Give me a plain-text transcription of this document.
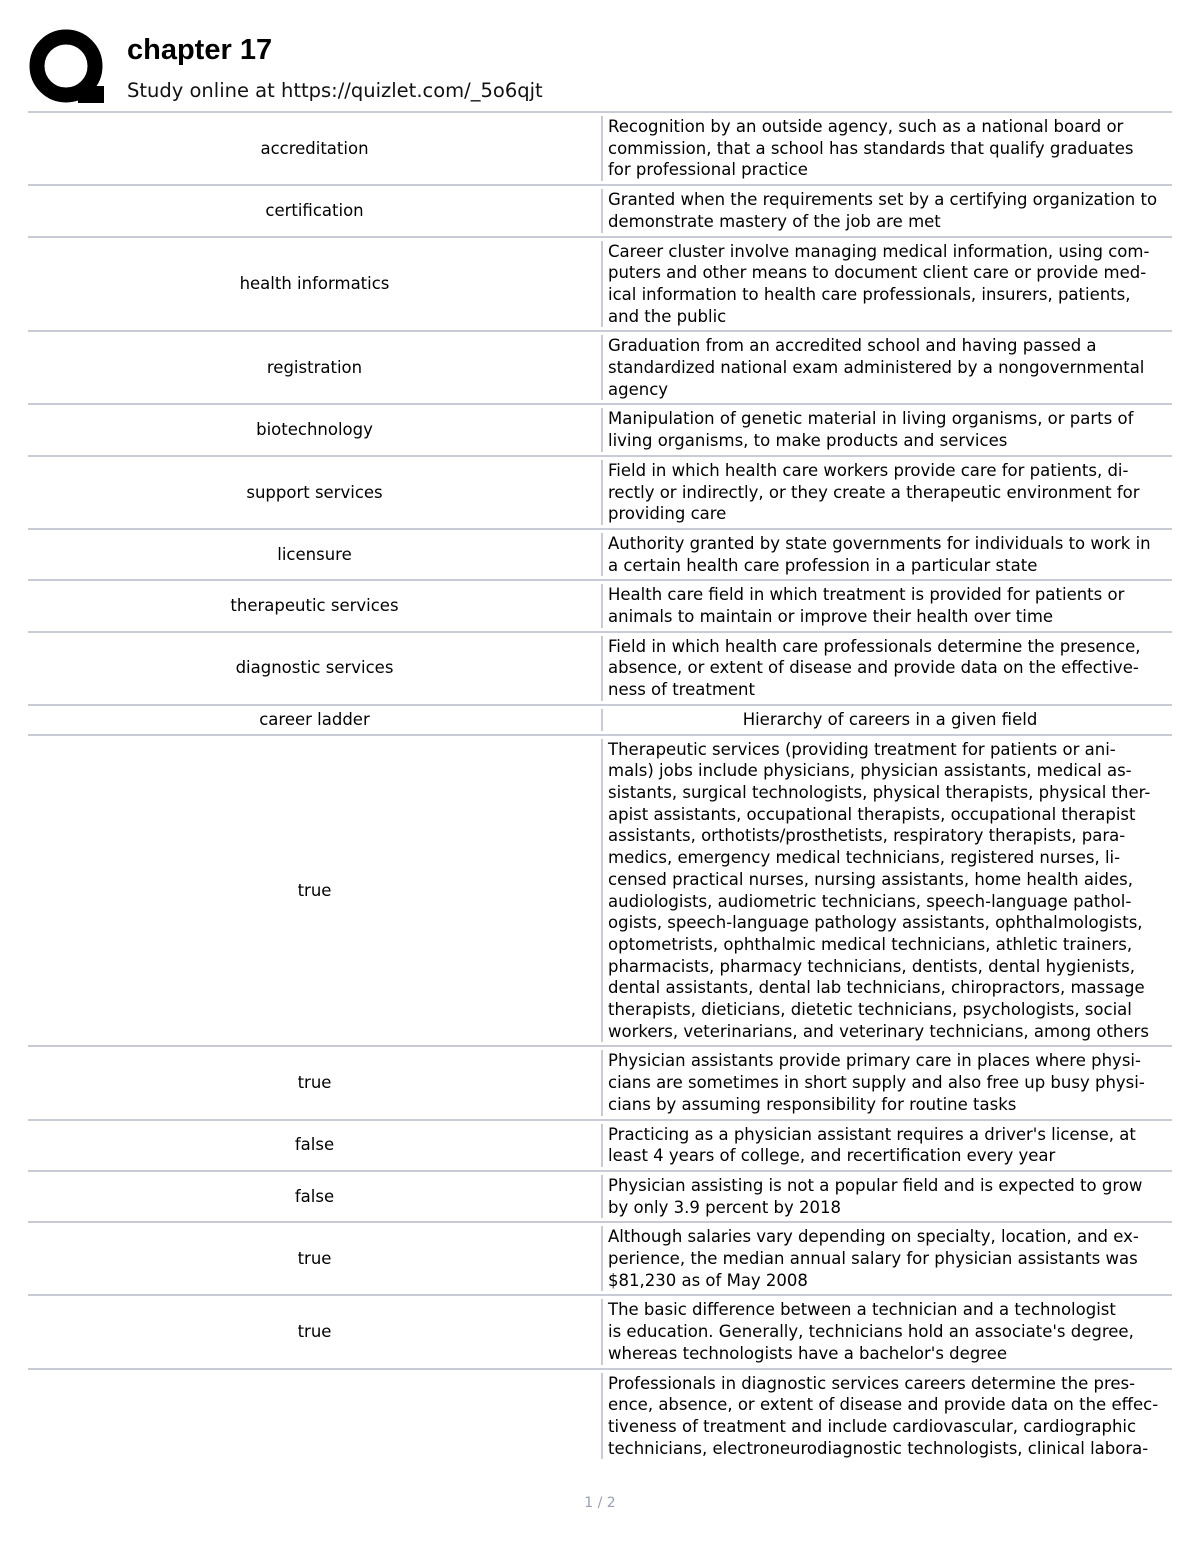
chapter 17
Study online at https://quizlet.com/_5o6qjt
accreditation
Recognition by an outside agency, such as a national board or
commission, that a school has standards that qualify graduates
for professional practice
certification
Granted when the requirements set by a certifying organization to
demonstrate mastery of the job are met
health informatics
Career cluster involve managing medical information, using com-
puters and other means to document client care or provide med-
ical information to health care professionals, insurers, patients,
and the public
registration
Graduation from an accredited school and having passed a
standardized national exam administered by a nongovernmental
agency
biotechnology
Manipulation of genetic material in living organisms, or parts of
living organisms, to make products and services
support services
Field in which health care workers provide care for patients, di-
rectly or indirectly, or they create a therapeutic environment for
providing care
licensure
Authority granted by state governments for individuals to work in
a certain health care profession in a particular state
therapeutic services
Health care field in which treatment is provided for patients or
animals to maintain or improve their health over time
diagnostic services
Field in which health care professionals determine the presence,
absence, or extent of disease and provide data on the effective-
ness of treatment
career ladder	Hierarchy of careers in a given field
true
Therapeutic services (providing treatment for patients or ani-
mals) jobs include physicians, physician assistants, medical as-
sistants, surgical technologists, physical therapists, physical ther-
apist assistants, occupational therapists, occupational therapist
assistants, orthotists/prosthetists, respiratory therapists, para-
medics, emergency medical technicians, registered nurses, li-
censed practical nurses, nursing assistants, home health aides,
audiologists, audiometric technicians, speech-language pathol-
ogists, speech-language pathology assistants, ophthalmologists,
optometrists, ophthalmic medical technicians, athletic trainers,
pharmacists, pharmacy technicians, dentists, dental hygienists,
dental assistants, dental lab technicians, chiropractors, massage
therapists, dieticians, dietetic technicians, psychologists, social
workers, veterinarians, and veterinary technicians, among others
true
Physician assistants provide primary care in places where physi-
cians are sometimes in short supply and also free up busy physi-
cians by assuming responsibility for routine tasks
false
Practicing as a physician assistant requires a driver's license, at
least 4 years of college, and recertification every year
false
Physician assisting is not a popular field and is expected to grow
by only 3.9 percent by 2018
true
Although salaries vary depending on specialty, location, and ex-
perience, the median annual salary for physician assistants was
$81,230 as of May 2008
true
The basic difference between a technician and a technologist
is education. Generally, technicians hold an associate's degree,
whereas technologists have a bachelor's degree
Professionals in diagnostic services careers determine the pres-
ence, absence, or extent of disease and provide data on the effec-
tiveness of treatment and include cardiovascular, cardiographic
technicians, electroneurodiagnostic technologists, clinical labora-
1 / 2
